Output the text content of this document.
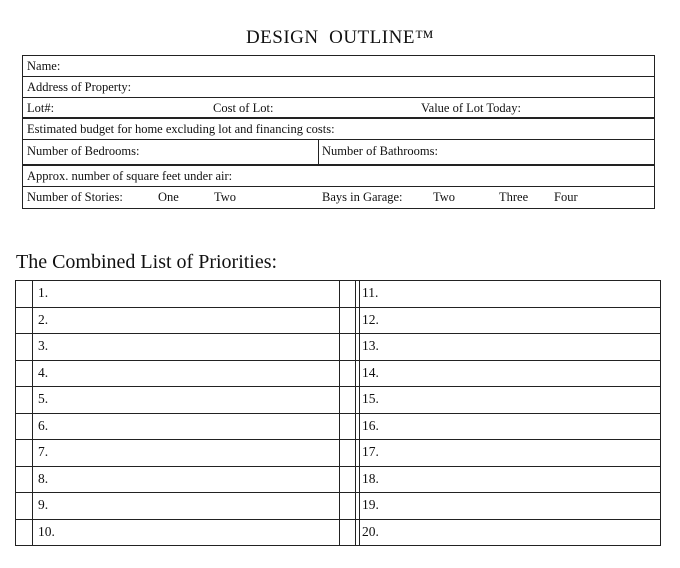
DESIGN  OUTLINE™
Name:
Address of Property:
Lot#:	Cost of Lot:	Value of Lot Today:
Estimated budget for home excluding lot and financing costs:
Number of Bedrooms:	Number of Bathrooms:
Approx. number of square feet under air:
Number of Stories:	One	Two	Bays in Garage: Two	Three Four
The Combined List of Priorities:
1.	11.
2.	12.
3.	13.
4.	14.
5.	15.
6.	16.
7.	17.
8.	18.
9.	19.
10.	20.
